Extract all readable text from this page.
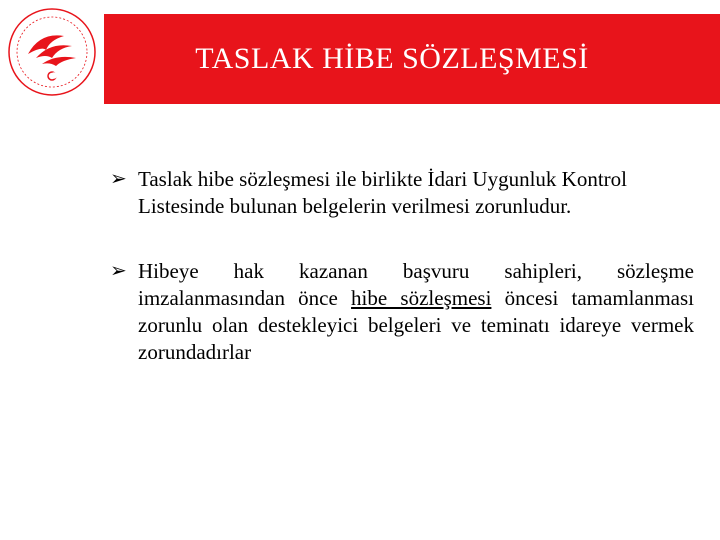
TASLAK HİBE SÖZLEŞMESİ
➢ Taslak hibe sözleşmesi ile birlikte İdari Uygunluk Kontrol Listesinde bulunan belgelerin verilmesi zorunludur.
➢ Hibeye hak kazanan başvuru sahipleri, sözleşme imzalanmasından önce hibe sözleşmesi öncesi tamamlanması zorunlu olan destekleyici belgeleri ve teminatı idareye vermek zorundadırlar
